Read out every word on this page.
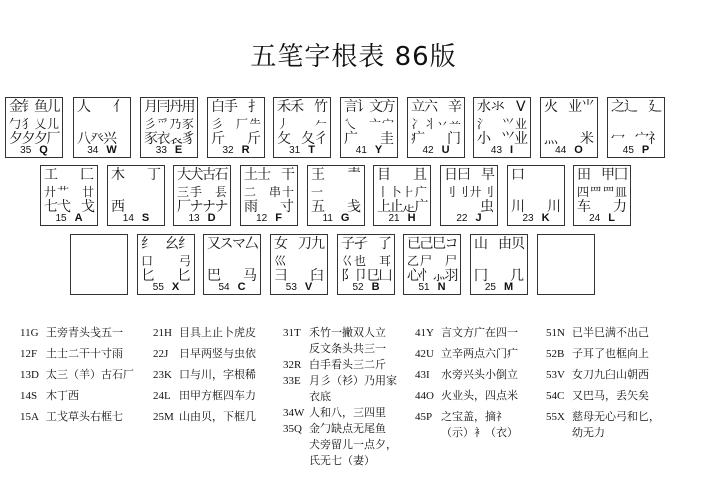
五笔字根表 86版
金
钅
鱼
儿
勹 犭 乂 儿
夕
夕
夕
厂
35 Q
人 亻
八 癶 兴
34 W
月
冃
丹
用
彡 爫 乃 豕
豕
衣
𧘇
豸
33 E
白 手 扌
彡 厂 ⺧
斤 斤
32 R
禾 禾 竹
丿 𠂉
攵 夂 彳
31 T
言
讠
文
方
乀 亠 宀
广 圭
41 Y
立 六 辛
冫 丬 丷 䒑
疒 门
42 U
水 氺 ᐯ
氵 ⺍ 业
小 ⺍ 业
43 I
火 业 ⺌
灬 米
44 O
之 辶 廴
冖 宀 礻
45 P
工 匚
廾 艹 廿
七 弋 戈
15 A
木 丁
西
14 S
大
犬
古
石
三 手 镸
厂
ナ
ナ
ナ
13 D
土 士 干
二 串 十
雨 寸
12 F
王 龶
一
五 戋
11 G
目 且
丨 卜 ⺊ 广
上
止
龰
广
21 H
日 曰 早
刂 刂 廾 刂
虫
22 J
口
川 川
23 K
田 甲 囗
四 罒 罒 皿
车 力
24 L
纟 幺 纟
口 弓
匕 匕
55 X
又
ス
マ
厶
巴 马
54 C
女 刀 九
巛
彐 臼
53 V
子 孑 了
巜 也 耳
阝
卩
㔾
凵
52 B
已
己
巳
コ
乙 尸 尸
心
忄
⺗
羽
51 N
山 由 贝
冂 几
25 M
11G 王旁青头戋五一
12F 土士二干十寸雨
13D 太三（羊）古石厂
14S 木丁西
15A 工戈草头右框七
21H 目具上止卜虎皮
22J 日早两竖与虫依
23K 口与川，字根稀
24L 田甲方框四车力
25M 山由贝，下框几
31T 禾竹一撇双人立
反文条头共三一
32R 白手看头三二斤
33E 月彡（衫）乃用家
衣底
34W 人和八，三四里
35Q 金勹缺点无尾鱼
犬旁留儿一点夕，
氏无七（妻）
41Y 言文方广在四一
42U 立辛两点六门疒
43I 水旁兴头小倒立
44O 火业头，四点米
45P 之宝盖，摘礻
（示）衤（衣）
51N 已半巳满不出己
52B 子耳了也框向上
53V 女刀九臼山朝西
54C 又巴马，丢矢矣
55X 慈母无心弓和匕，
幼无力
